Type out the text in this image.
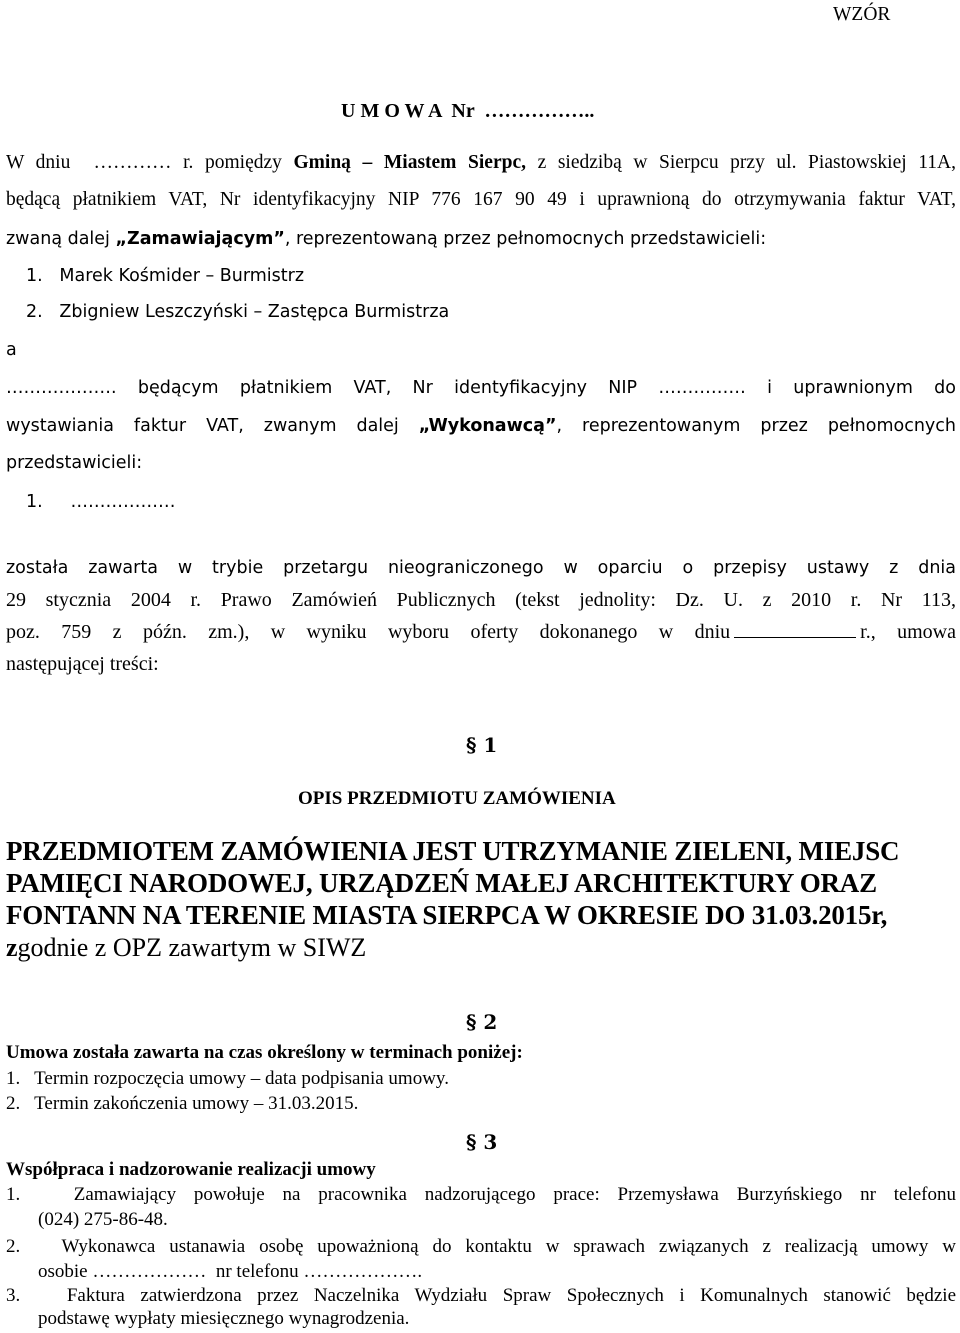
WZÓR
U M O W A  Nr  ……………..
W dniu  ………… r. pomiędzy Gminą – Miastem Sierpc, z siedzibą w Sierpcu przy ul. Piastowskiej 11A,
będącą płatnikiem VAT, Nr identyfikacyjny NIP 776 167 90 49 i uprawnioną do otrzymywania faktur VAT,
zwaną dalej „Zamawiającym”, reprezentowaną przez pełnomocnych przedstawicieli:
1.   Marek Kośmider – Burmistrz
2.   Zbigniew Leszczyński – Zastępca Burmistrza
a
………………. będącym płatnikiem VAT, Nr identyfikacyjny NIP …………… i uprawnionym do
wystawiania faktur VAT, zwanym dalej „Wykonawcą”, reprezentowanym przez pełnomocnych
przedstawicieli:
1.     ………………
została zawarta w trybie przetargu nieograniczonego w oparciu o przepisy ustawy z dnia
29 stycznia 2004 r. Prawo Zamówień Publicznych (tekst jednolity: Dz. U. z 2010 r. Nr 113,
poz. 759 z późn. zm.), w wyniku wyboru oferty dokonanego w dniu	r., umowa
następującej treści:
§ 1
OPIS PRZEDMIOTU ZAMÓWIENIA
PRZEDMIOTEM ZAMÓWIENIA JEST UTRZYMANIE ZIELENI, MIEJSC
PAMIĘCI NARODOWEJ, URZĄDZEŃ MAŁEJ ARCHITEKTURY ORAZ
FONTANN NA TERENIE MIASTA SIERPCA W OKRESIE DO 31.03.2015r,
zgodnie z OPZ zawartym w SIWZ
§ 2
Umowa została zawarta na czas określony w terminach poniżej:
1.   Termin rozpoczęcia umowy – data podpisania umowy.
2.   Termin zakończenia umowy – 31.03.2015.
§ 3
Współpraca i nadzorowanie realizacji umowy
1.   Zamawiający powołuje na pracownika nadzorującego prace: Przemysława Burzyńskiego nr telefonu
(024) 275-86-48.
2.   Wykonawca ustanawia osobę upoważnioną do kontaktu w sprawach związanych z realizacją umowy w
osobie ………………  nr telefonu ……………….
3.   Faktura zatwierdzona przez Naczelnika Wydziału Spraw Społecznych i Komunalnych stanowić będzie
podstawę wypłaty miesięcznego wynagrodzenia.
